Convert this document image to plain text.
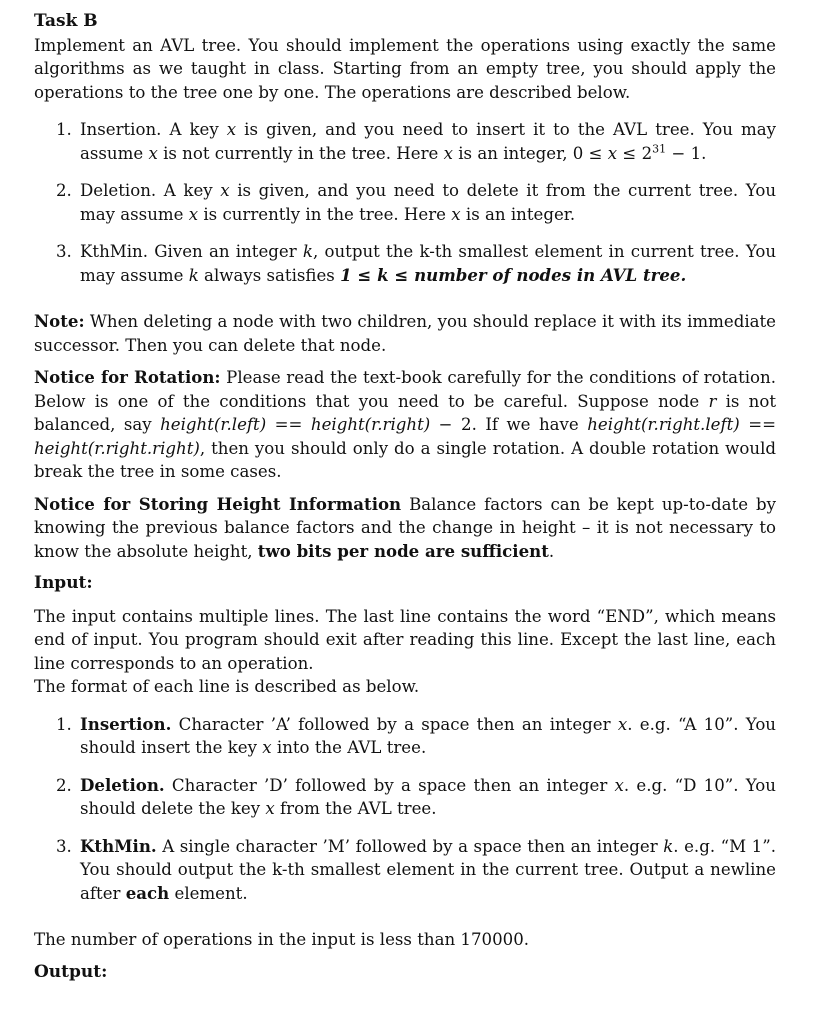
Task B

Implement an AVL tree. You should implement the operations using exactly the same algorithms as we taught in class. Starting from an empty tree, you should apply the operations to the tree one by one. The operations are described below.

1. Insertion. A key x is given, and you need to insert it to the AVL tree. You may assume x is not currently in the tree. Here x is an integer, $0 \le x \le 2^{31} - 1$.
2. Deletion. A key x is given, and you need to delete it from the current tree. You may assume x is currently in the tree. Here x is an integer.
3. KthMin. Given an integer k, output the k-th smallest element in current tree. You may assume k always satisfies 1 ≤ k ≤ number of nodes in AVL tree.

Note: When deleting a node with two children, you should replace it with its immediate successor. Then you can delete that node.

Notice for Rotation: Please read the text-book carefully for the conditions of rotation. Below is one of the conditions that you need to be careful. Suppose node r is not balanced, say height(r.left) == height(r.right) − 2. If we have height(r.right.left) == height(r.right.right), then you should only do a single rotation. A double rotation would break the tree in some cases.

Notice for Storing Height Information Balance factors can be kept up-to-date by knowing the previous balance factors and the change in height – it is not necessary to know the absolute height, two bits per node are sufficient.

Input:

The input contains multiple lines. The last line contains the word “END”, which means end of input. You program should exit after reading this line. Except the last line, each line corresponds to an operation.

The format of each line is described as below.

1. Insertion. Character ’A’ followed by a space then an integer x. e.g. “A 10”. You should insert the key x into the AVL tree.
2. Deletion. Character ’D’ followed by a space then an integer x. e.g. “D 10”. You should delete the key x from the AVL tree.
3. KthMin. A single character ’M’ followed by a space then an integer k. e.g. “M 1”. You should output the k-th smallest element in the current tree. Output a newline after each element.

The number of operations in the input is less than 170000.

Output:
